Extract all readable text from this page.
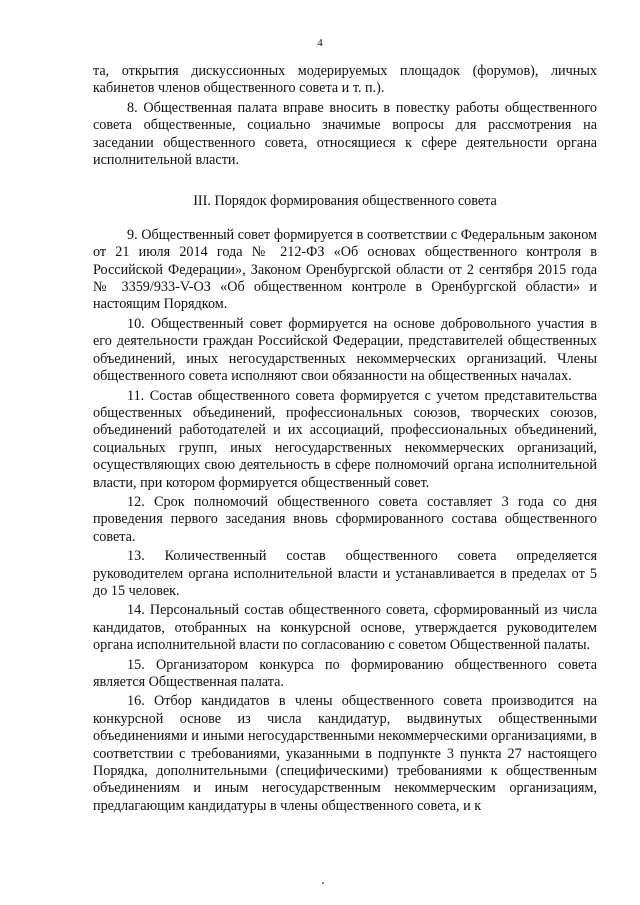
4

та, открытия дискуссионных модерируемых площадок (форумов), личных кабинетов членов общественного совета и т. п.).

8. Общественная палата вправе вносить в повестку работы общественного совета общественные, социально значимые вопросы для рассмотрения на заседании общественного совета, относящиеся к сфере деятельности органа исполнительной власти.

III. Порядок формирования общественного совета

9. Общественный совет формируется в соответствии с Федеральным законом от 21 июля 2014 года № 212-ФЗ «Об основах общественного контроля в Российской Федерации», Законом Оренбургской области от 2 сентября 2015 года № 3359/933-V-ОЗ «Об общественном контроле в Оренбургской области» и настоящим Порядком.

10. Общественный совет формируется на основе добровольного участия в его деятельности граждан Российской Федерации, представителей общественных объединений, иных негосударственных некоммерческих организаций. Члены общественного совета исполняют свои обязанности на общественных началах.

11. Состав общественного совета формируется с учетом представительства общественных объединений, профессиональных союзов, творческих союзов, объединений работодателей и их ассоциаций, профессиональных объединений, социальных групп, иных негосударственных некоммерческих организаций, осуществляющих свою деятельность в сфере полномочий органа исполнительной власти, при котором формируется общественный совет.

12. Срок полномочий общественного совета составляет 3 года со дня проведения первого заседания вновь сформированного состава общественного совета.

13. Количественный состав общественного совета определяется руководителем органа исполнительной власти и устанавливается в пределах от 5 до 15 человек.

14. Персональный состав общественного совета, сформированный из числа кандидатов, отобранных на конкурсной основе, утверждается руководителем органа исполнительной власти по согласованию с советом Общественной палаты.

15. Организатором конкурса по формированию общественного совета является Общественная палата.

16. Отбор кандидатов в члены общественного совета производится на конкурсной основе из числа кандидатур, выдвинутых общественными объединениями и иными негосударственными некоммерческими организациями, в соответствии с требованиями, указанными в подпункте 3 пункта 27 настоящего Порядка, дополнительными (специфическими) требованиями к общественным объединениям и иным негосударственным некоммерческим организациям, предлагающим кандидатуры в члены общественного совета, и к
